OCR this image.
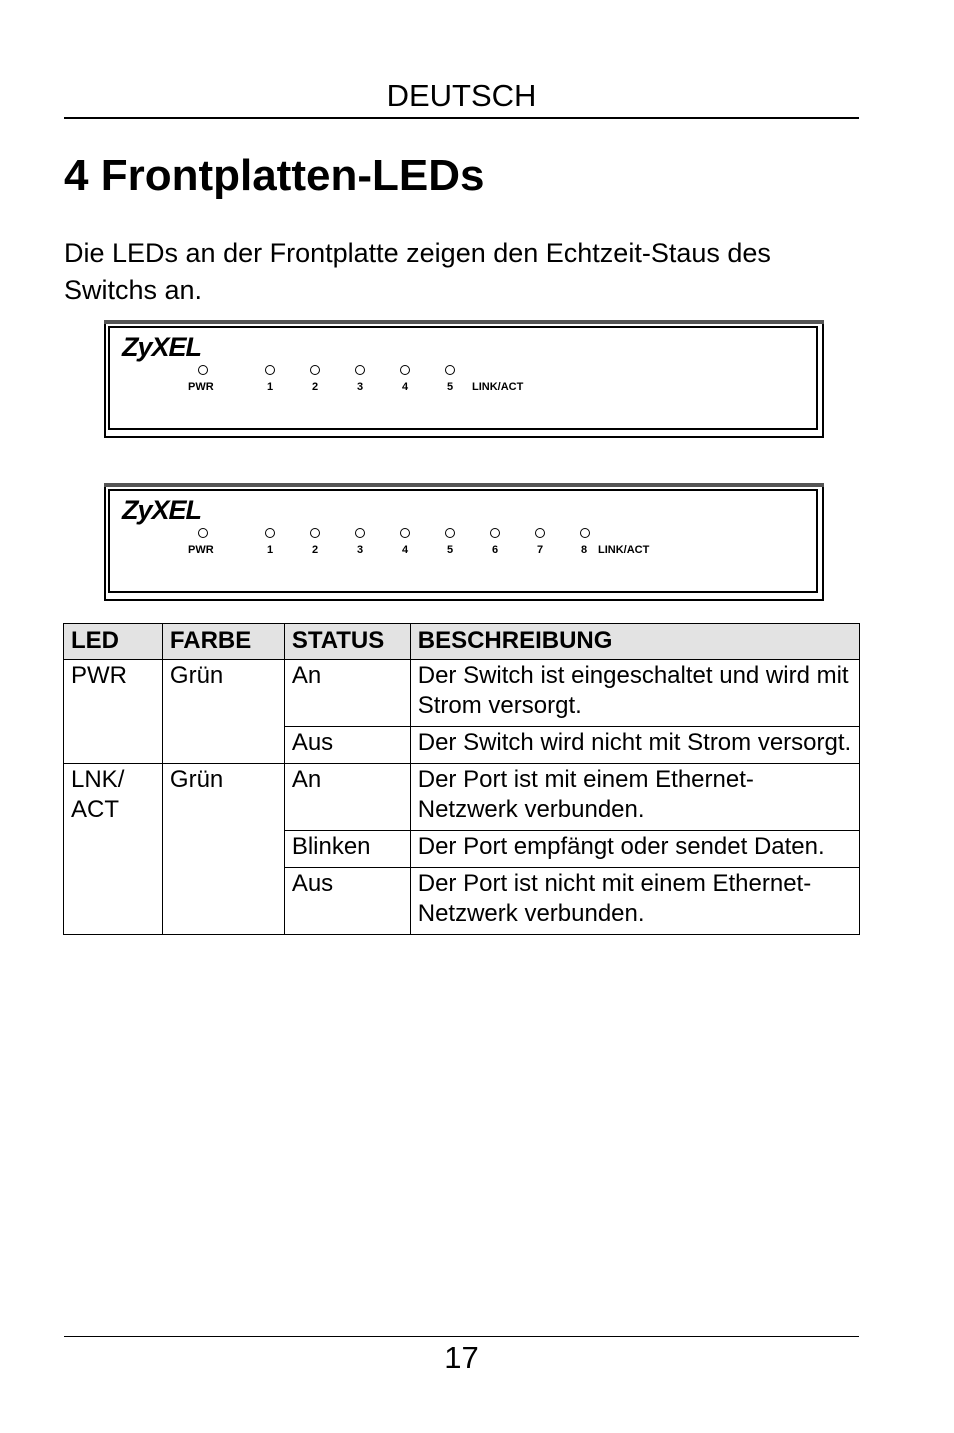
DEUTSCH
4 Frontplatten-LEDs

Die LEDs an der Frontplatte zeigen den Echtzeit-Staus des Switchs an.

ZyXEL
PWR	1	2	3	4	5 LINK/ACT
ZyXEL
PWR	1	2	3	4	5	6	7	8 LINK/ACT
LED	FARBE	STATUS	BESCHREIBUNG
PWR	Grün	An	Der Switch ist eingeschaltet und wird mit Strom versorgt.
		Aus	Der Switch wird nicht mit Strom versorgt.
LNK/ ACT	Grün	An	Der Port ist mit einem Ethernet-Netzwerk verbunden.
		Blinken	Der Port empfängt oder sendet Daten.
		Aus	Der Port ist nicht mit einem Ethernet-Netzwerk verbunden.
17
